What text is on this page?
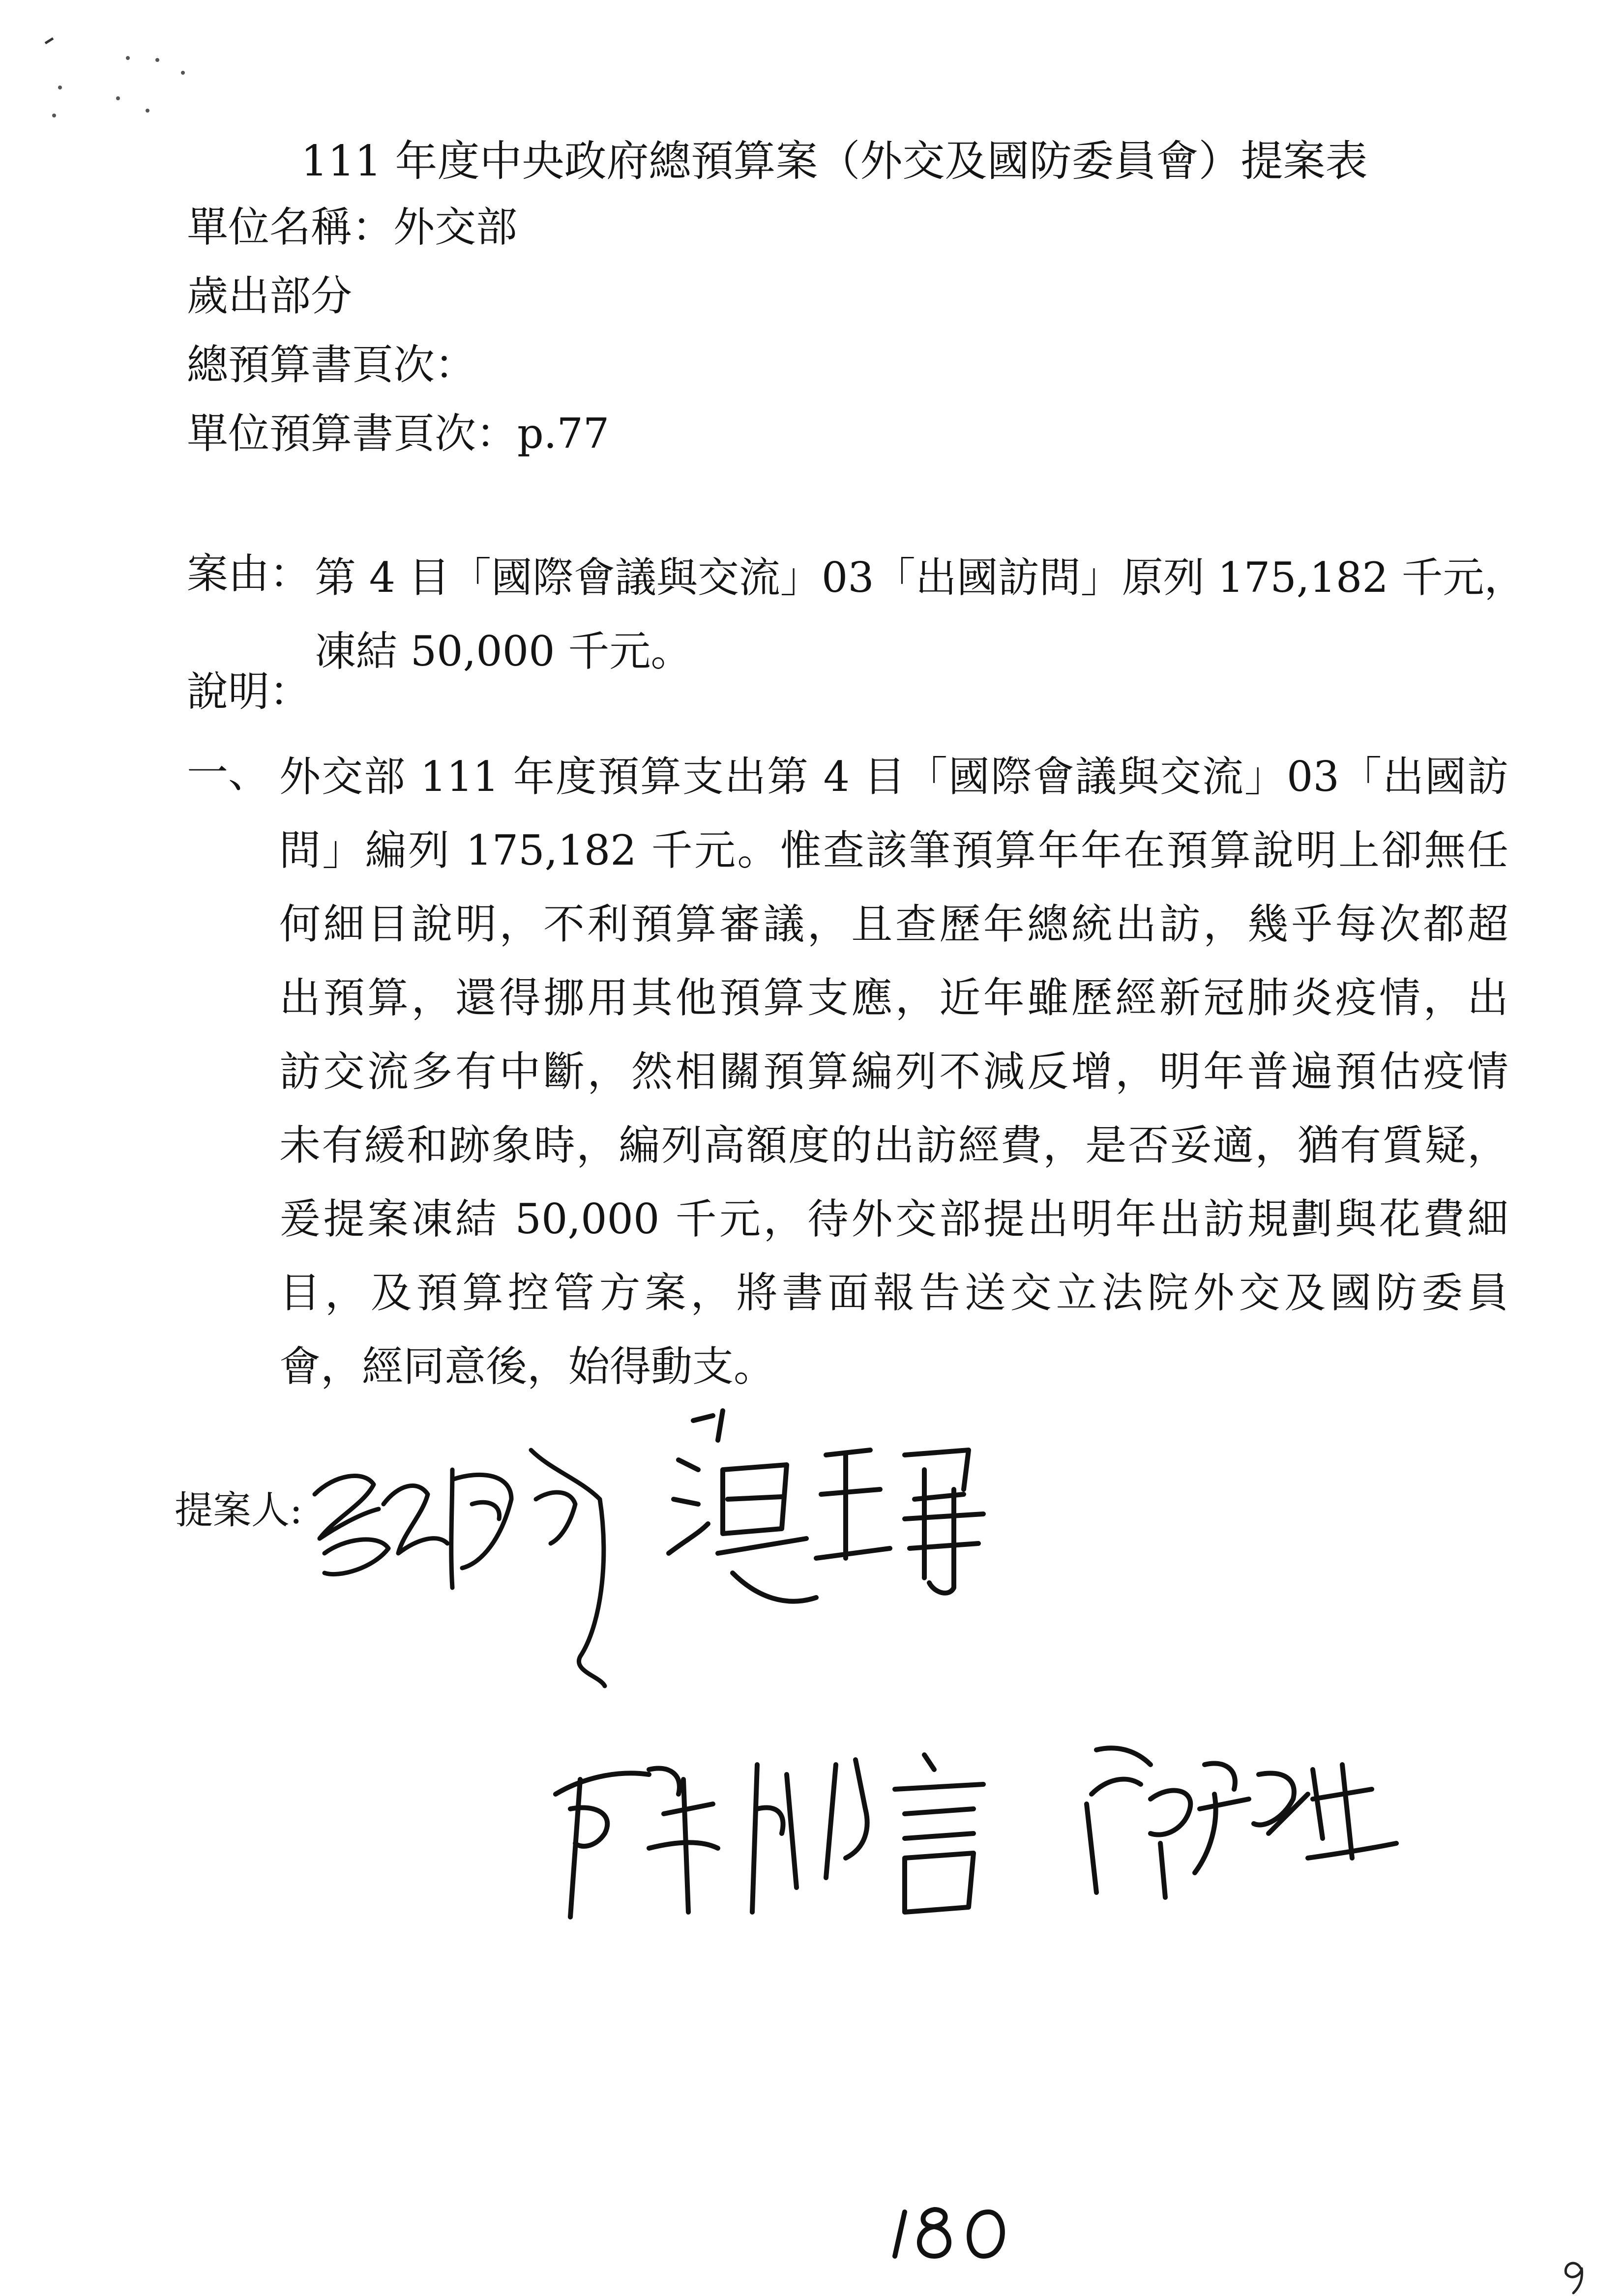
111 年度中央政府總預算案（外交及國防委員會）提案表

單位名稱：外交部

歲出部分

總預算書頁次：

單位預算書頁次：p.77

案由： 第 4 目「國際會議與交流」03「出國訪問」原列 175,182 千元，
凍結 50,000 千元。

說明：

一、 外交部 111 年度預算支出第 4 目「國際會議與交流」03「出國訪
問」編列 175,182 千元。惟查該筆預算年年在預算說明上卻無任
何細目說明，不利預算審議，且查歷年總統出訪，幾乎每次都超
出預算，還得挪用其他預算支應，近年雖歷經新冠肺炎疫情，出
訪交流多有中斷，然相關預算編列不減反增，明年普遍預估疫情
未有緩和跡象時，編列高額度的出訪經費，是否妥適，猶有質疑，
爰提案凍結 50,000 千元，待外交部提出明年出訪規劃與花費細
目，及預算控管方案，將書面報告送交立法院外交及國防委員
會，經同意後，始得動支。
提案人:
180
9
